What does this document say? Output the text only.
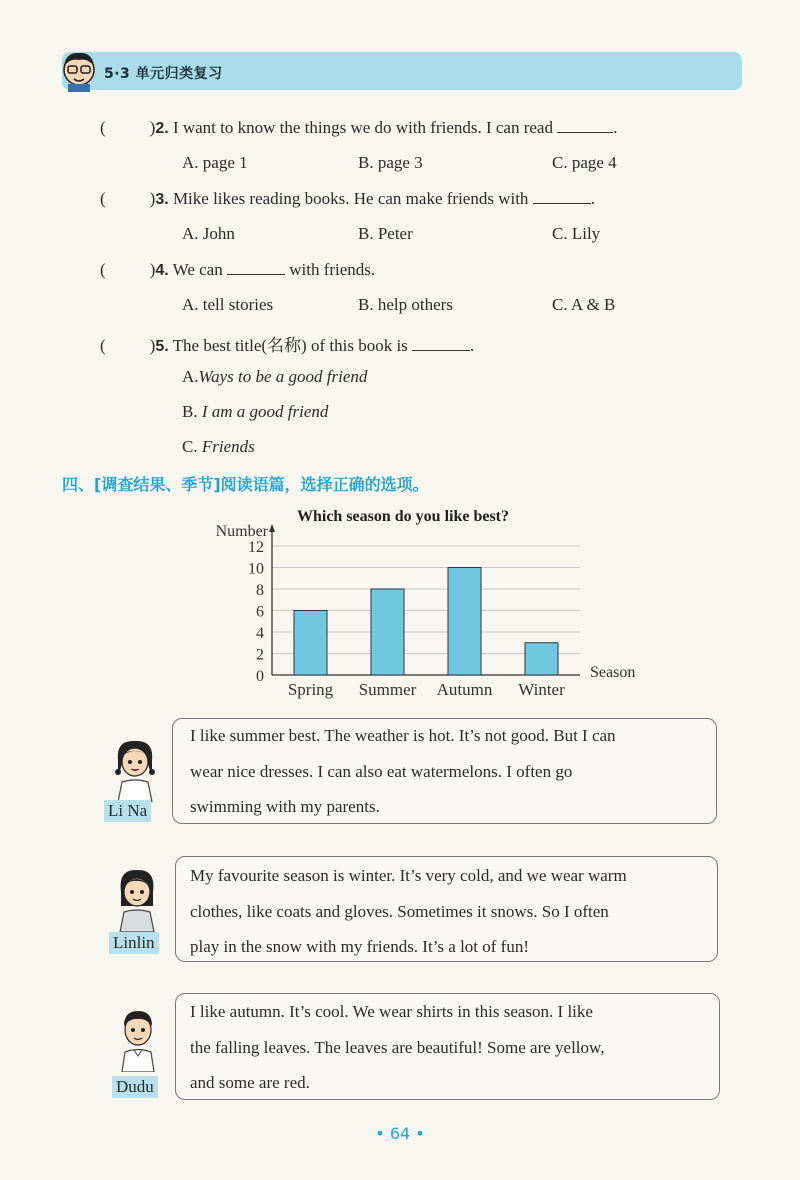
5·3 单元归类复习
(	)2. I want to know the things we do with friends. I can read	.
A. page 1	B. page 3	C. page 4
(	)3. Mike likes reading books. He can make friends with	.
A. John	B. Peter	C. Lily
(	)4. We can	with friends.
A. tell stories	B. help others	C. A & B
(	)5. The best title(名称) of this book is	.
A.Ways to be a good friend
B. I am a good friend
C. Friends
四、[调查结果、季节]阅读语篇，选择正确的选项。
Which season do you like best?
0
2
4
6
8
10
12
Number
Season
Spring Summer Autumn Winter
I like summer best. The weather is hot. It’s not good. But I can
wear nice dresses. I can also eat watermelons. I often go
swimming with my parents.
Li Na
My favourite season is winter. It’s very cold, and we wear warm
clothes, like coats and gloves. Sometimes it snows. So I often
play in the snow with my friends. It’s a lot of fun!
Linlin
I like autumn. It’s cool. We wear shirts in this season. I like
the falling leaves. The leaves are beautiful! Some are yellow,
and some are red.
Dudu
• 64 •
